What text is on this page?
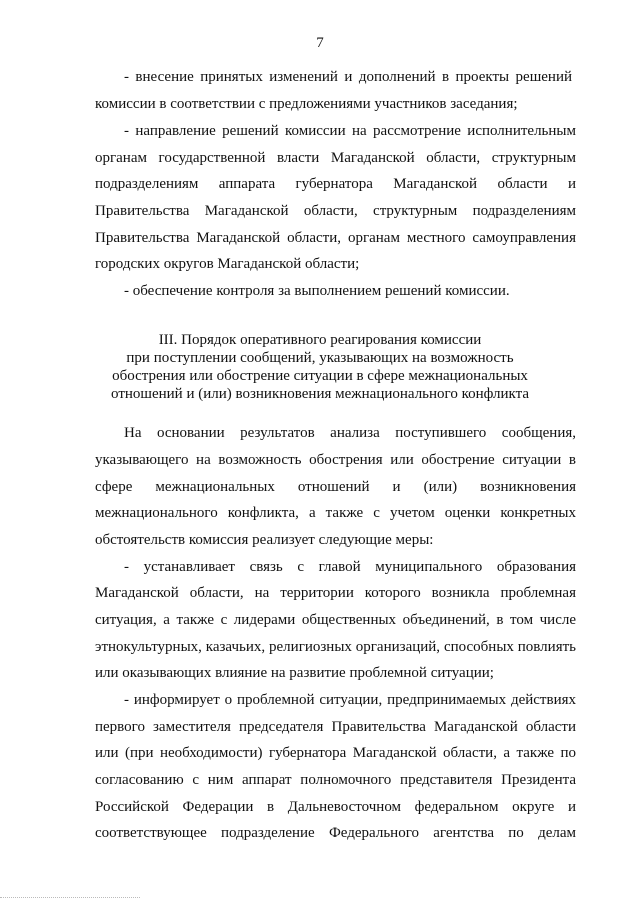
7
- внесение принятых изменений и дополнений в проекты решений
комиссии в соответствии с предложениями участников заседания;
- направление решений комиссии на рассмотрение исполнительным
органам государственной власти Магаданской области, структурным
подразделениям аппарата губернатора Магаданской области и
Правительства Магаданской области, структурным подразделениям
Правительства Магаданской области, органам местного самоуправления
городских округов Магаданской области;
- обеспечение контроля за выполнением решений комиссии.
III. Порядок оперативного реагирования комиссии
при поступлении сообщений, указывающих на возможность
обострения или обострение ситуации в сфере межнациональных
отношений и (или) возникновения межнационального конфликта
На основании результатов анализа поступившего сообщения,
указывающего на возможность обострения или обострение ситуации в
сфере межнациональных отношений и (или) возникновения
межнационального конфликта, а также с учетом оценки конкретных
обстоятельств комиссия реализует следующие меры:
- устанавливает связь с главой муниципального образования
Магаданской области, на территории которого возникла проблемная
ситуация, а также с лидерами общественных объединений, в том числе
этнокультурных, казачьих, религиозных организаций, способных повлиять
или оказывающих влияние на развитие проблемной ситуации;
- информирует о проблемной ситуации, предпринимаемых действиях
первого заместителя председателя Правительства Магаданской области
или (при необходимости) губернатора Магаданской области, а также по
согласованию с ним аппарат полномочного представителя Президента
Российской Федерации в Дальневосточном федеральном округе и
соответствующее подразделение Федерального агентства по делам
